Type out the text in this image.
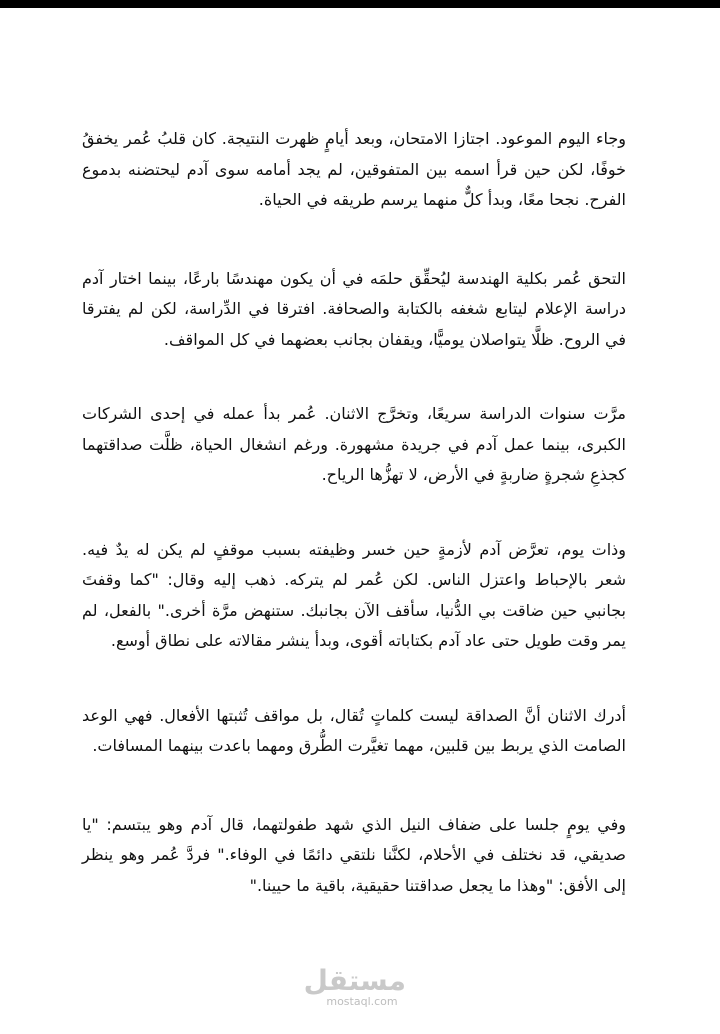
وجاء اليوم الموعود. اجتازا الامتحان، وبعد أيامٍ ظهرت النتيجة. كان قلبُ عُمر يخفقُ خوفًا، لكن حين قرأ اسمه بين المتفوقين، لم يجد أمامه سوى آدم ليحتضنه بدموع الفرح. نجحا معًا، وبدأ كلٌّ منهما يرسم طريقه في الحياة.

التحق عُمر بكلية الهندسة ليُحقِّق حلمَه في أن يكون مهندسًا بارعًا، بينما اختار آدم دراسة الإعلام ليتابع شغفه بالكتابة والصحافة. افترقا في الدِّراسة، لكن لم يفترقا في الروح. ظلَّا يتواصلان يوميًّا، ويقفان بجانب بعضهما في كل المواقف.

مرَّت سنوات الدراسة سريعًا، وتخرَّج الاثنان. عُمر بدأ عمله في إحدى الشركات الكبرى، بينما عمل آدم في جريدة مشهورة. ورغم انشغال الحياة، ظلَّت صداقتهما كجذعِ شجرةٍ ضاربةٍ في الأرض، لا تهزُّها الرياح.

وذات يوم، تعرَّض آدم لأزمةٍ حين خسر وظيفته بسبب موقفٍ لم يكن له يدٌ فيه. شعر بالإحباط واعتزل الناس. لكن عُمر لم يتركه. ذهب إليه وقال: "كما وقفتَ بجانبي حين ضاقت بي الدُّنيا، سأقف الآن بجانبك. ستنهض مرَّة أخرى." بالفعل، لم يمر وقت طويل حتى عاد آدم بكتاباته أقوى، وبدأ ينشر مقالاته على نطاق أوسع.

أدرك الاثنان أنَّ الصداقة ليست كلماتٍ تُقال، بل مواقف تُثبتها الأفعال. فهي الوعد الصامت الذي يربط بين قلبين، مهما تغيَّرت الطُّرق ومهما باعدت بينهما المسافات.

وفي يومٍ جلسا على ضفاف النيل الذي شهد طفولتهما، قال آدم وهو يبتسم: "يا صديقي، قد نختلف في الأحلام، لكنَّنا نلتقي دائمًا في الوفاء." فردَّ عُمر وهو ينظر إلى الأفق: "وهذا ما يجعل صداقتنا حقيقية، باقية ما حيينا."

مستقل
mostaql.com
